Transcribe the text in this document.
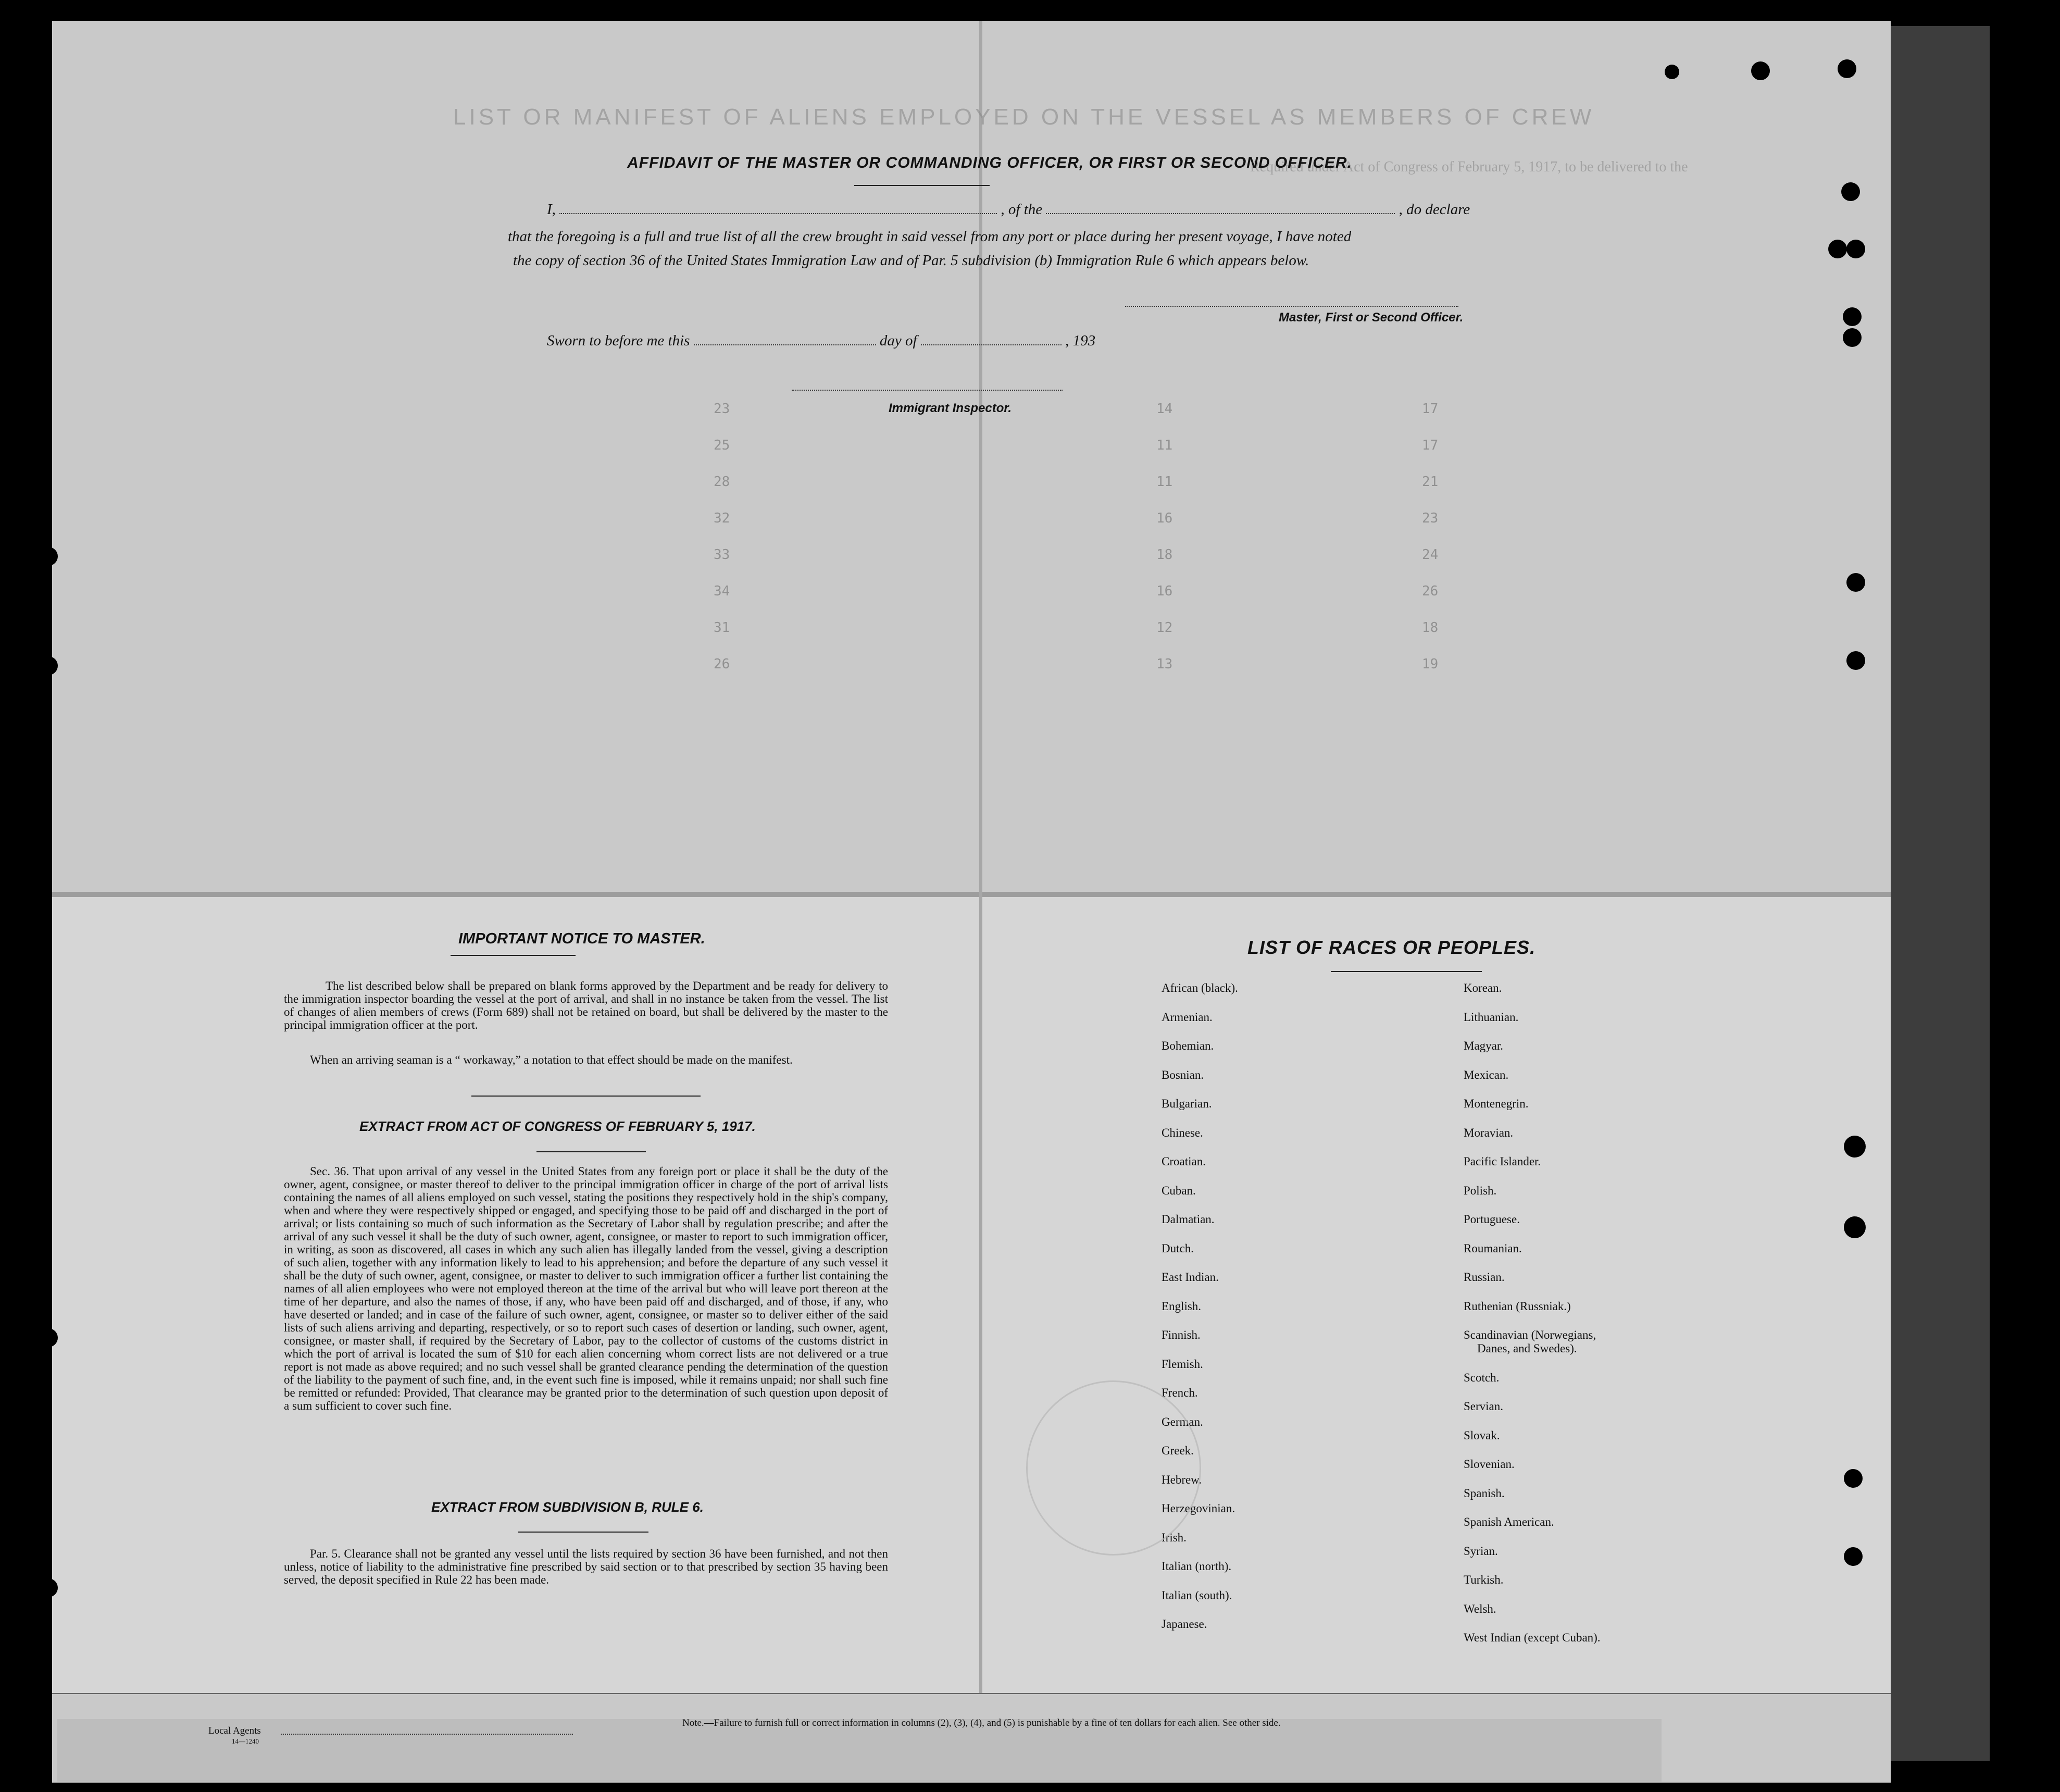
LIST OR MANIFEST OF ALIENS EMPLOYED ON THE VESSEL AS MEMBERS OF CREW
Required under Act of Congress of February 5, 1917, to be delivered to the
23	14	17
25	11	17
28	11	21
32	16	23
33	18	24
34	16	26
31	12	18
26	13	19
AFFIDAVIT OF THE MASTER OR COMMANDING OFFICER, OR FIRST OR SECOND OFFICER.
I,	, of the	, do declare
that the foregoing is a full and true list of all the crew brought in said vessel from any port or place during her present voyage, I have noted
the copy of section 36 of the United States Immigration Law and of Par. 5 subdivision (b) Immigration Rule 6 which appears below.
Master, First or Second Officer.
Sworn to before me this	day of	, 193
Immigrant Inspector.
IMPORTANT NOTICE TO MASTER.
The list described below shall be prepared on blank forms approved by the Department and be ready for delivery to the immigration inspector boarding the vessel at the port of arrival, and shall in no instance be taken from the vessel. The list of changes of alien members of crews (Form 689) shall not be retained on board, but shall be delivered by the master to the principal immigration officer at the port.
When an arriving seaman is a “ workaway,” a notation to that effect should be made on the manifest.
EXTRACT FROM ACT OF CONGRESS OF FEBRUARY 5, 1917.
Sec. 36. That upon arrival of any vessel in the United States from any foreign port or place it shall be the duty of the owner, agent, consignee, or master thereof to deliver to the principal immigration officer in charge of the port of arrival lists containing the names of all aliens employed on such vessel, stating the positions they respectively hold in the ship's company, when and where they were respectively shipped or engaged, and specifying those to be paid off and discharged in the port of arrival; or lists containing so much of such information as the Secretary of Labor shall by regulation prescribe; and after the arrival of any such vessel it shall be the duty of such owner, agent, consignee, or master to report to such immigration officer, in writing, as soon as discovered, all cases in which any such alien has illegally landed from the vessel, giving a description of such alien, together with any information likely to lead to his apprehension; and before the departure of any such vessel it shall be the duty of such owner, agent, consignee, or master to deliver to such immigration officer a further list containing the names of all alien employees who were not employed thereon at the time of the arrival but who will leave port thereon at the time of her departure, and also the names of those, if any, who have been paid off and discharged, and of those, if any, who have deserted or landed; and in case of the failure of such owner, agent, consignee, or master so to deliver either of the said lists of such aliens arriving and departing, respectively, or so to report such cases of desertion or landing, such owner, agent, consignee, or master shall, if required by the Secretary of Labor, pay to the collector of customs of the customs district in which the port of arrival is located the sum of $10 for each alien concerning whom correct lists are not delivered or a true report is not made as above required; and no such vessel shall be granted clearance pending the determination of the question of the liability to the payment of such fine, and, in the event such fine is imposed, while it remains unpaid; nor shall such fine be remitted or refunded: Provided, That clearance may be granted prior to the determination of such question upon deposit of a sum sufficient to cover such fine.
EXTRACT FROM SUBDIVISION B, RULE 6.
Par. 5. Clearance shall not be granted any vessel until the lists required by section 36 have been furnished, and not then unless, notice of liability to the administrative fine prescribed by said section or to that prescribed by section 35 having been served, the deposit specified in Rule 22 has been made.
LIST OF RACES OR PEOPLES.
African (black).
Armenian.
Bohemian.
Bosnian.
Bulgarian.
Chinese.
Croatian.
Cuban.
Dalmatian.
Dutch.
East Indian.
English.
Finnish.
Flemish.
French.
German.
Greek.
Hebrew.
Herzegovinian.
Irish.
Italian (north).
Italian (south).
Japanese.
Korean.
Lithuanian.
Magyar.
Mexican.
Montenegrin.
Moravian.
Pacific Islander.
Polish.
Portuguese.
Roumanian.
Russian.
Ruthenian (Russniak.)
Scandinavian (Norwegians,
Danes, and Swedes).
Scotch.
Servian.
Slovak.
Slovenian.
Spanish.
Spanish American.
Syrian.
Turkish.
Welsh.
West Indian (except Cuban).
Note.—Failure to furnish full or correct information in columns (2), (3), (4), and (5) is punishable by a fine of ten dollars for each alien. See other side.
Local Agents
14—1240
